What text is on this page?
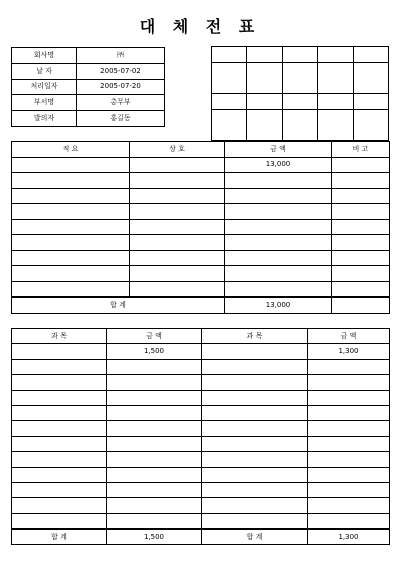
대 체 전 표
회사명	㈜
날 자	2005-07-02
처리일자	2005-07-20
부서명	총무부
발의자	홍길동

적 요	상 호	금 액	비 고
		13,000	

합 계		13,000	
과 목	금 액	과 목	금 액
	1,500		1,300

합 계	1,500	합 계	1,300
